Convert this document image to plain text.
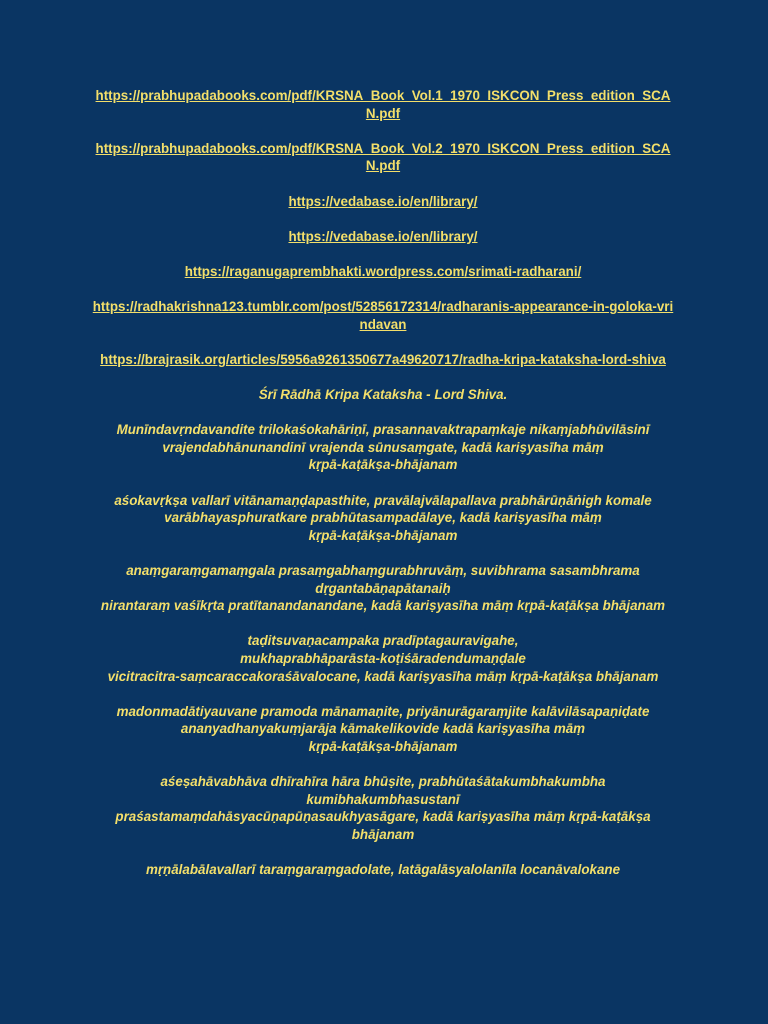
https://prabhupadabooks.com/pdf/KRSNA_Book_Vol.1_1970_ISKCON_Press_edition_SCAN.pdf
https://prabhupadabooks.com/pdf/KRSNA_Book_Vol.2_1970_ISKCON_Press_edition_SCAN.pdf
https://vedabase.io/en/library/
https://vedabase.io/en/library/
https://raganugaprembhakti.wordpress.com/srimati-radharani/
https://radhakrishna123.tumblr.com/post/52856172314/radharanis-appearance-in-goloka-vrindavan
https://brajrasik.org/articles/5956a9261350677a49620717/radha-kripa-kataksha-lord-shiva
Śrī Rādhā Kripa Kataksha - Lord Shiva.
Munīndavṛndavandite trilokaśokahāriṇī, prasannavaktrapaṃkaje nikaṃjabhūvilāsinī
vrajendabhānunandinī vrajenda sūnusaṃgate, kadā kariṣyasīha māṃ
kṛpā-kaṭākṣa-bhājanam
aśokavṛkṣa vallarī vitānamaṇḍapasthite, pravālajvālapallava prabhārūṇāṅigh komale
varābhayasphuratkare prabhūtasampadālaye, kadā kariṣyasīha māṃ
kṛpā-kaṭākṣa-bhājanam
anaṃgaraṃgamaṃgala prasaṃgabhaṃgurabhruvāṃ, suvibhrama sasambhrama dṛgantabāṇapātanaiḥ
nirantaraṃ vaśīkṛta pratītanandanandane, kadā kariṣyasīha māṃ kṛpā-kaṭākṣa bhājanam
taḍitsuvaṇacampaka pradīptagauravigahe,
mukhaprabhāparāsta-koṭiśāradendumaṇḍale
vicitracitra-saṃcaraccakoraśāvalocane, kadā kariṣyasīha māṃ kṛpā-kaṭākṣa bhājanam
madonmadātiyauvane pramoda mānamaṇite, priyānurāgaraṃjite kalāvilāsapaṇiḍate
ananyadhanyakuṃjarāja kāmakelikovide kadā kariṣyasīha māṃ
kṛpā-kaṭākṣa-bhājanam
aśeṣahāvabhāva dhīrahīra hāra bhūṣite, prabhūtaśātakumbhakumbha kumibhakumbhasustanī
praśastamaṃdahāsyacūṇapūṇasaukhyasāgare, kadā kariṣyasīha māṃ kṛpā-kaṭākṣa bhājanam
mṛṇālabālavallarī taraṃgaraṃgadolate, latāgalāsyalolanīla locanāvalokane
